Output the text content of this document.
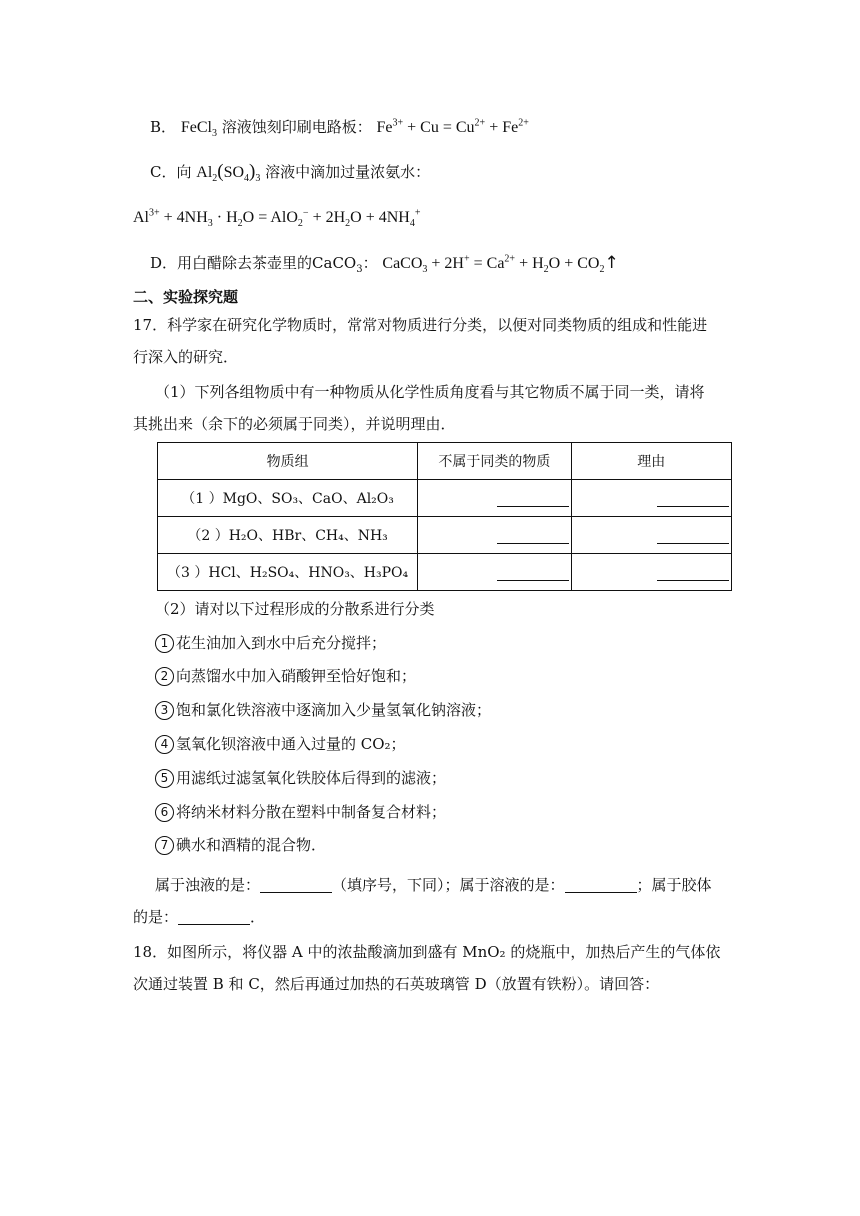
B． FeCl$_3$ 溶液蚀刻印刷电路板： $Fe^{3+} + Cu = Cu^{2+} + Fe^{2+}$
C．向 $Al_2(SO_4)_3$ 溶液中滴加过量浓氨水：
$Al^{3+} + 4NH_3 \cdot H_2O = AlO_2^- + 2H_2O + 4NH_4^+$
D．用白醋除去茶壶里的CaCO$_3$： CaCO$_3$ + $2H^+ = Ca^{2+} + H_2O$ + $CO_2↑$
二、实验探究题
17．科学家在研究化学物质时，常常对物质进行分类，以便对同类物质的组成和性能进
行深入的研究．
（1）下列各组物质中有一种物质从化学性质角度看与其它物质不属于同一类，请将
其挑出来（余下的必须属于同类），并说明理由．
物质组	不属于同类的物质	理由
（1 ）MgO、SO₃、CaO、Al₂O₃	

（2 ）H₂O、HBr、CH₄、NH₃	

（3 ）HCl、H₂SO₄、HNO₃、H₃PO₄	

（2）请对以下过程形成的分散系进行分类
1 花生油加入到水中后充分搅拌；
2 向蒸馏水中加入硝酸钾至恰好饱和；
3 饱和氯化铁溶液中逐滴加入少量氢氧化钠溶液；
4 氢氧化钡溶液中通入过量的 CO₂；
5 用滤纸过滤氢氧化铁胶体后得到的滤液；
6 将纳米材料分散在塑料中制备复合材料；
7 碘水和酒精的混合物．
属于浊液的是：	（填序号，下同）；属于溶液的是：	；属于胶体
的是：	．
18．如图所示，将仪器 A 中的浓盐酸滴加到盛有 MnO₂ 的烧瓶中，加热后产生的气体依
次通过装置 B 和 C，然后再通过加热的石英玻璃管 D（放置有铁粉）。请回答：
